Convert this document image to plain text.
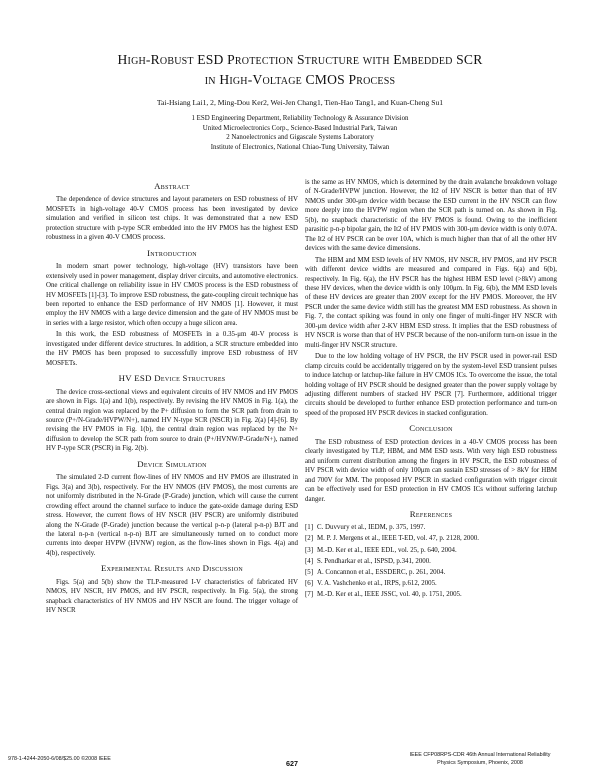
High-Robust ESD Protection Structure with Embedded SCR
in High-Voltage CMOS Process
Tai-Hsiang Lai1, 2, Ming-Dou Ker2, Wei-Jen Chang1, Tien-Hao Tang1, and Kuan-Cheng Su1
1 ESD Engineering Department, Reliability Technology & Assurance Division
United Microelectronics Corp., Science-Based Industrial Park, Taiwan
2 Nanoelectronics and Gigascale Systems Laboratory
Institute of Electronics, National Chiao-Tung University, Taiwan
Abstract

The dependence of device structures and layout parameters on ESD robustness of HV MOSFETs in high-voltage 40-V CMOS process has been investigated by device simulation and verified in silicon test chips. It was demonstrated that a new ESD protection structure with p-type SCR embedded into the HV PMOS has the highest ESD robustness in a given 40-V CMOS process.

Introduction

In modern smart power technology, high-voltage (HV) transistors have been extensively used in power management, display driver circuits, and automotive electronics. One critical challenge on reliability issue in HV CMOS process is the ESD robustness of HV MOSFETs [1]-[3]. To improve ESD robustness, the gate-coupling circuit technique has been reported to enhance the ESD performance of HV NMOS [1]. However, it must employ the HV NMOS with a large device dimension and the gate of HV NMOS must be in series with a large resistor, which often occupy a huge silicon area.

In this work, the ESD robustness of MOSFETs in a 0.35-μm 40-V process is investigated under different device structures. In addition, a SCR structure embedded into the HV PMOS has been proposed to successfully improve ESD robustness of HV MOSFETs.

HV ESD Device Structures

The device cross-sectional views and equivalent circuits of HV NMOS and HV PMOS are shown in Figs. 1(a) and 1(b), respectively. By revising the HV NMOS in Fig. 1(a), the central drain region was replaced by the P+ diffusion to form the SCR path from drain to source (P+/N-Grade/HVPW/N+), named HV N-type SCR (NSCR) in Fig. 2(a) [4]-[6]. By revising the HV PMOS in Fig. 1(b), the central drain region was replaced by the N+ diffusion to develop the SCR path from source to drain (P+/HVNW/P-Grade/N+), named HV P-type SCR (PSCR) in Fig. 2(b).

Device Simulation

The simulated 2-D current flow-lines of HV NMOS and HV PMOS are illustrated in Figs. 3(a) and 3(b), respectively. For the HV NMOS (HV PMOS), the most currents are not uniformly distributed in the N-Grade (P-Grade) junction, which will cause the current crowding effect around the channel surface to induce the gate-oxide damage during ESD stress. However, the current flows of HV NSCR (HV PSCR) are uniformly distributed along the N-Grade (P-Grade) junction because the vertical p-n-p (lateral p-n-p) BJT and the lateral n-p-n (vertical n-p-n) BJT are simultaneously turned on to conduct more currents into deeper HVPW (HVNW) region, as the flow-lines shown in Figs. 4(a) and 4(b), respectively.

Experimental Results and Discussion

Figs. 5(a) and 5(b) show the TLP-measured I-V characteristics of fabricated HV NMOS, HV NSCR, HV PMOS, and HV PSCR, respectively. In Fig. 5(a), the strong snapback characteristics of HV NMOS and HV NSCR are found. The trigger voltage of HV NSCR

is the same as HV NMOS, which is determined by the drain avalanche breakdown voltage of N-Grade/HVPW junction. However, the It2 of HV NSCR is better than that of HV NMOS under 300-μm device width because the ESD current in the HV NSCR can flow more deeply into the HVPW region when the SCR path is turned on. As shown in Fig. 5(b), no snapback characteristic of the HV PMOS is found. Owing to the inefficient parasitic p-n-p bipolar gain, the It2 of HV PMOS with 300-μm device width is only 0.07A. The It2 of HV PSCR can be over 10A, which is much higher than that of all the other HV devices with the same device dimensions.

The HBM and MM ESD levels of HV NMOS, HV NSCR, HV PMOS, and HV PSCR with different device widths are measured and compared in Figs. 6(a) and 6(b), respectively. In Fig. 6(a), the HV PSCR has the highest HBM ESD level (>8kV) among these HV devices, when the device width is only 100μm. In Fig. 6(b), the MM ESD levels of these HV devices are greater than 200V except for the HV PMOS. Moreover, the HV PSCR under the same device width still has the greatest MM ESD robustness. As shown in Fig. 7, the contact spiking was found in only one finger of multi-finger HV NSCR with 300-μm device width after 2-KV HBM ESD stress. It implies that the ESD robustness of HV NSCR is worse than that of HV PSCR because of the non-uniform turn-on issue in the multi-finger HV NSCR structure.

Due to the low holding voltage of HV PSCR, the HV PSCR used in power-rail ESD clamp circuits could be accidentally triggered on by the system-level ESD transient pulses to induce latchup or latchup-like failure in HV CMOS ICs. To overcome the issue, the total holding voltage of HV PSCR should be designed greater than the power supply voltage by adjusting different numbers of stacked HV PSCR [7]. Furthermore, additional trigger circuits should be developed to further enhance ESD protection performance and turn-on speed of the proposed HV PSCR devices in stacked configuration.

Conclusion

The ESD robustness of ESD protection devices in a 40-V CMOS process has been clearly investigated by TLP, HBM, and MM ESD tests. With very high ESD robustness and uniform current distribution among the fingers in HV PSCR, the ESD robustness of HV PSCR with device width of only 100μm can sustain ESD stresses of > 8kV for HBM and 700V for MM. The proposed HV PSCR in stacked configuration with trigger circuit can be effectively used for ESD protection in HV CMOS ICs without suffering latchup danger.

References
[1] C. Duvvury et al., IEDM, p. 375, 1997.
[2] M. P. J. Mergens et al., IEEE T-ED, vol. 47, p. 2128, 2000.
[3] M.-D. Ker et al., IEEE EDL, vol. 25, p. 640, 2004.
[4] S. Pendharkar et al., ISPSD, p.341, 2000.
[5] A. Concannon et al., ESSDERC, p. 261, 2004.
[6] V. A. Vashchenko et al., IRPS, p.612, 2005.
[7] M.-D. Ker et al., IEEE JSSC, vol. 40, p. 1751, 2005.
978-1-4244-2050-6/08/$25.00 ©2008 IEEE	627
IEEE CFP08RPS-CDR 46th Annual International Reliability
Physics Symposium, Phoenix, 2008
